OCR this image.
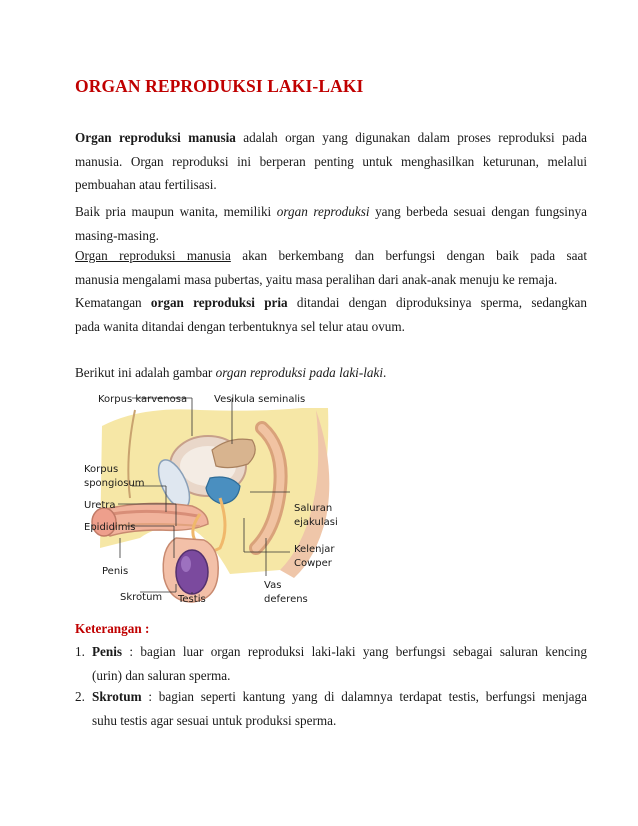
ORGAN REPRODUKSI LAKI-LAKI
Organ reproduksi manusia adalah organ yang digunakan dalam proses reproduksi pada
manusia. Organ reproduksi ini berperan penting untuk menghasilkan keturunan, melalui
pembuahan atau fertilisasi.
Baik pria maupun wanita, memiliki organ reproduksi yang berbeda sesuai dengan fungsinya
masing-masing.
Organ reproduksi manusia akan berkembang dan berfungsi dengan baik pada saat
manusia mengalami masa pubertas, yaitu masa peralihan dari anak-anak menuju ke remaja.
Kematangan organ reproduksi pria ditandai dengan diproduksinya sperma, sedangkan
pada wanita ditandai dengan terbentuknya sel telur atau ovum.
Berikut ini adalah gambar organ reproduksi pada laki-laki.
Korpus karvenosa	Vesikula seminalis
Korpus
spongiosum
Uretra
Epididimis
Saluran
ejakulasi
Kelenjar
Cowper
Penis
Vas
deferens
Skrotum Testis
Keterangan :
1. Penis : bagian luar organ reproduksi laki-laki yang berfungsi sebagai saluran kencing
(urin) dan saluran sperma.
2. Skrotum : bagian seperti kantung yang di dalamnya terdapat testis, berfungsi menjaga
suhu testis agar sesuai untuk produksi sperma.
